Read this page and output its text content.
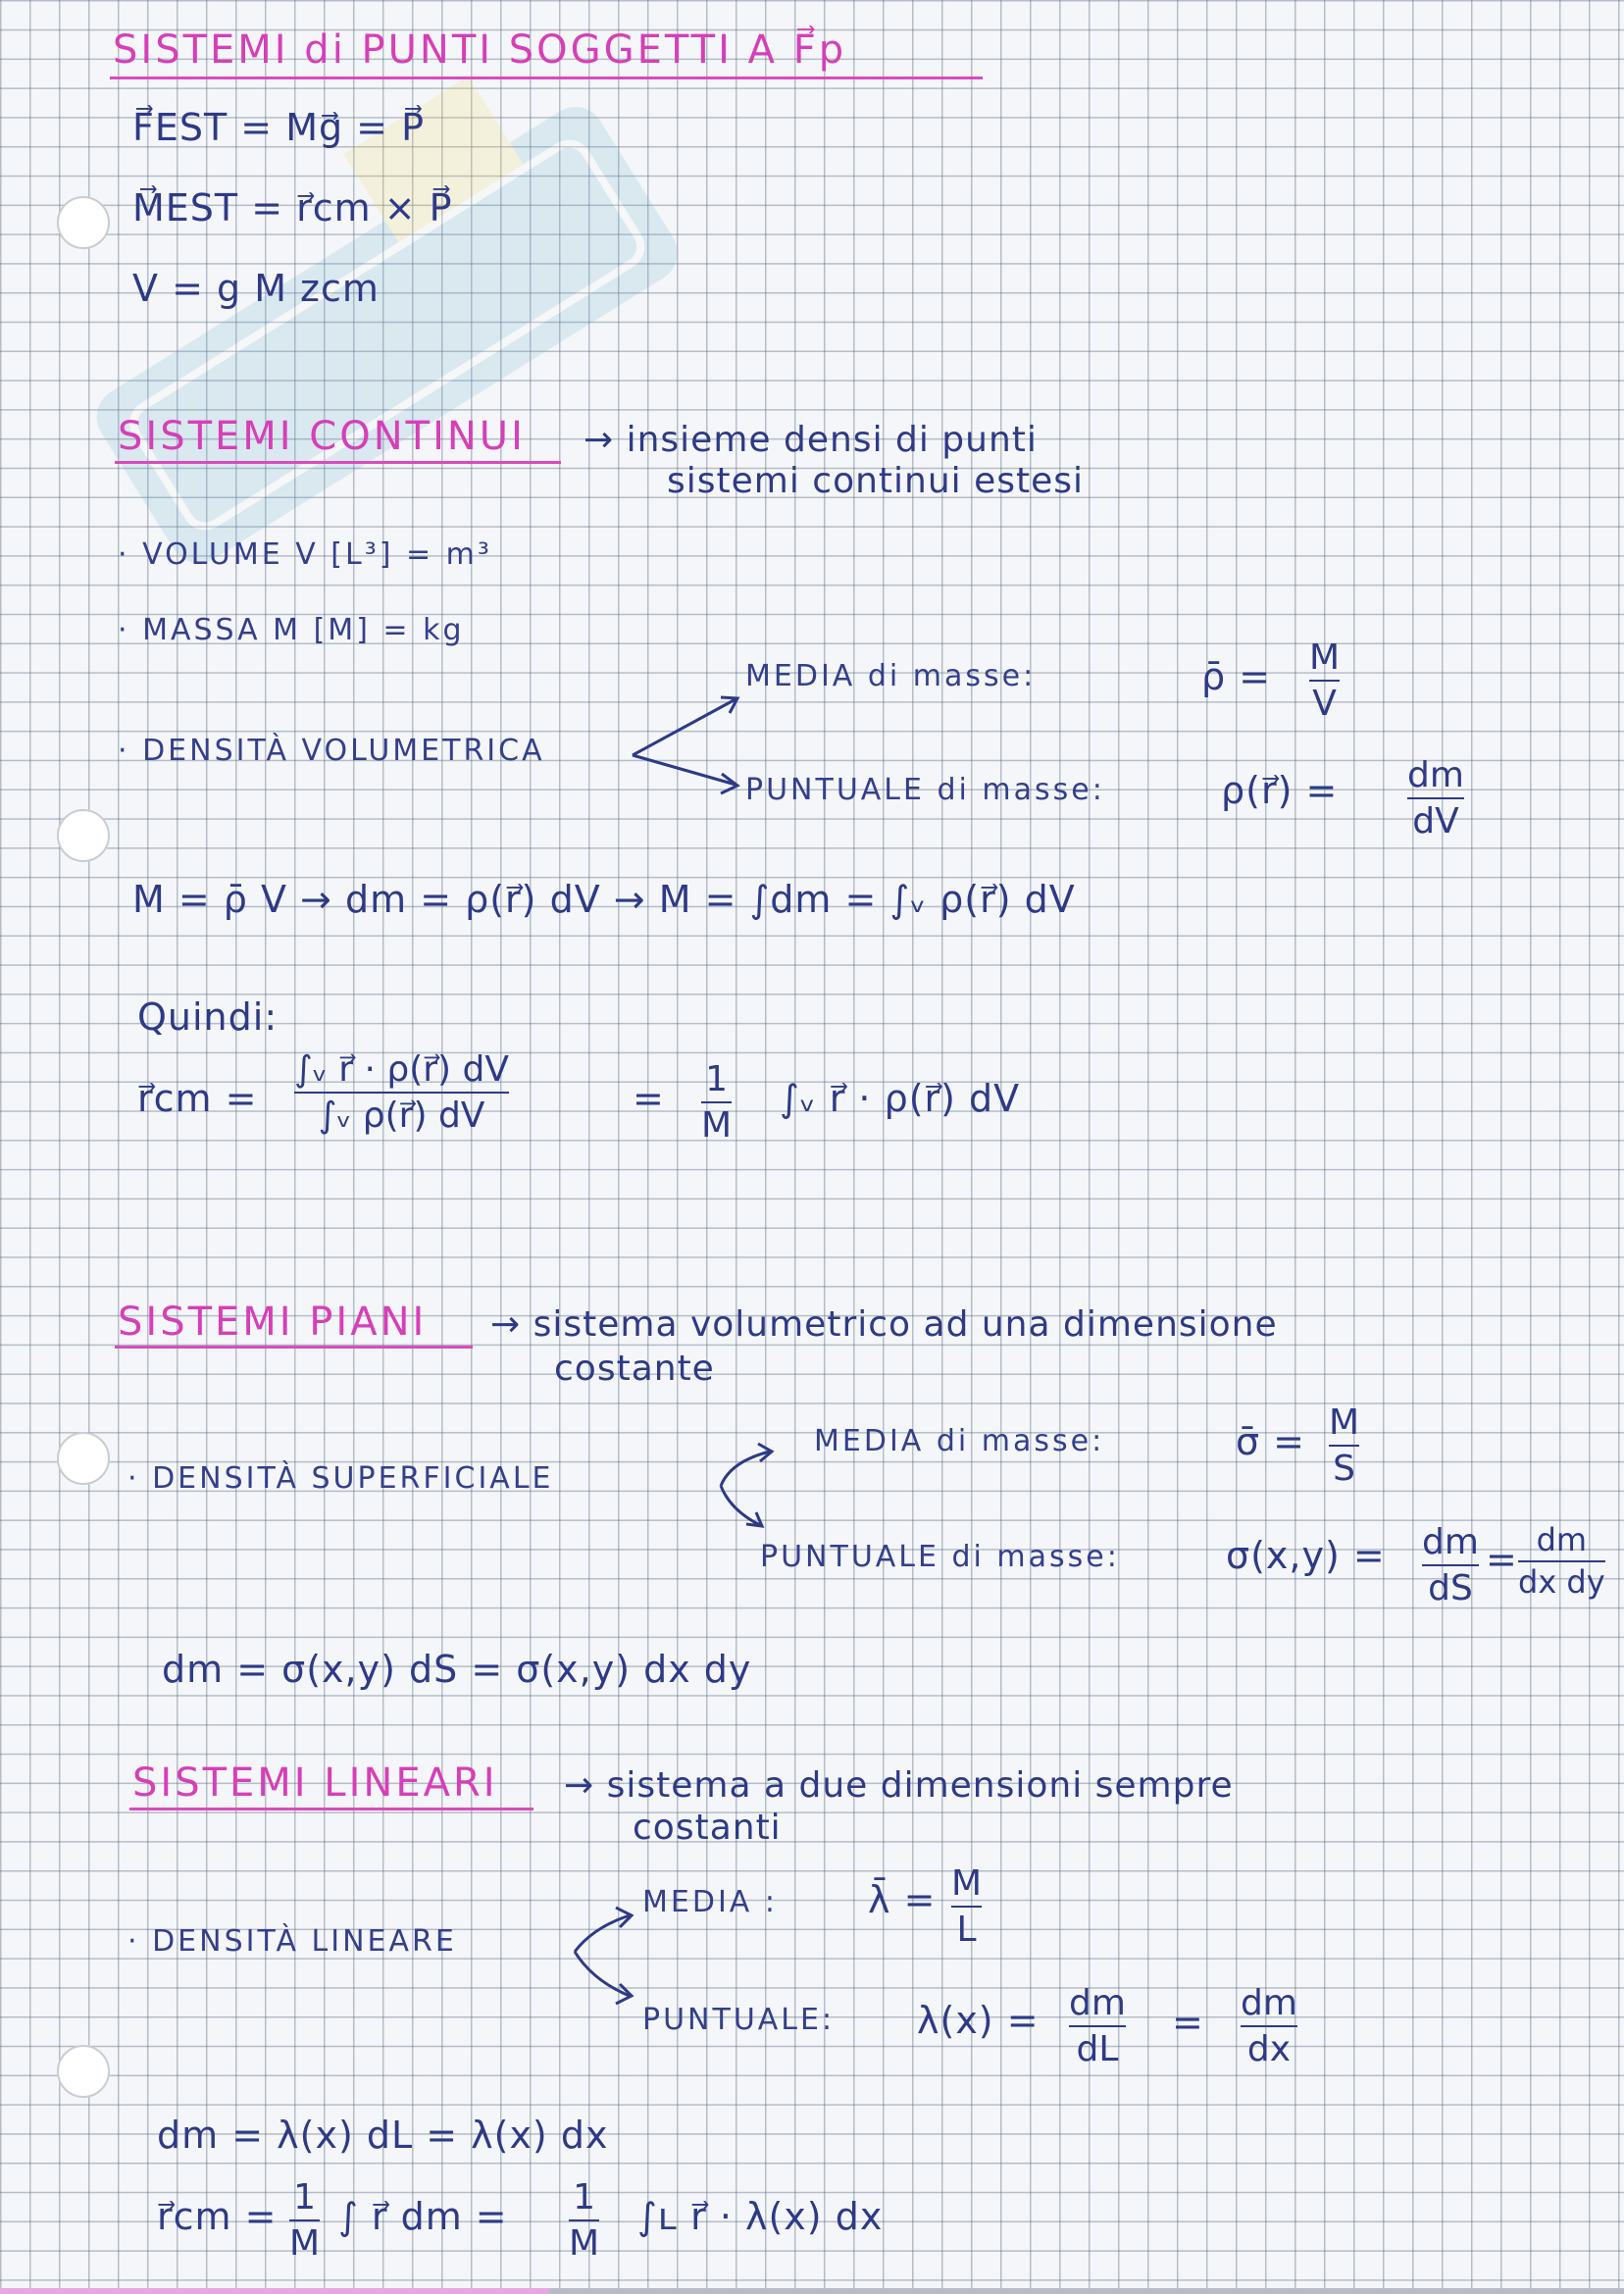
SISTEMI di PUNTI SOGGETTI A F⃗p
F⃗EST = Mg⃗ = P⃗
M⃗EST = r⃗cm × P⃗
V = g M zcm
SISTEMI CONTINUI → insieme densi di punti
sistemi continui estesi
· VOLUME V [L³] = m³
· MASSA M [M] = kg
MEDIA di masse:	ρ̄ = M
V
· DENSITÀ VOLUMETRICA
PUNTUALE di masse:	ρ(r⃗) = dm
dV
M = ρ̄ V → dm = ρ(r⃗) dV → M = ∫dm = ∫ᵥ ρ(r⃗) dV
Quindi:
r⃗cm =
∫ᵥ r⃗ · ρ(r⃗) dV
∫ᵥ ρ(r⃗) dV	= 1
M
∫ᵥ r⃗ · ρ(r⃗) dV
SISTEMI PIANI → sistema volumetrico ad una dimensione
costante
MEDIA di masse:	σ̄ = M
S
· DENSITÀ SUPERFICIALE
PUNTUALE di masse:	σ(x,y) = dm
dS
= dm
dx dy
dm = σ(x,y) dS = σ(x,y) dx dy
SISTEMI LINEARI → sistema a due dimensioni sempre
costanti
MEDIA : λ̄ = M
L
· DENSITÀ LINEARE
PUNTUALE: λ(x) = dm
dL
= dm
dx
dm = λ(x) dL = λ(x) dx
r⃗cm = 1
M
∫ r⃗ dm = 1
M
∫ʟ r⃗ · λ(x) dx
